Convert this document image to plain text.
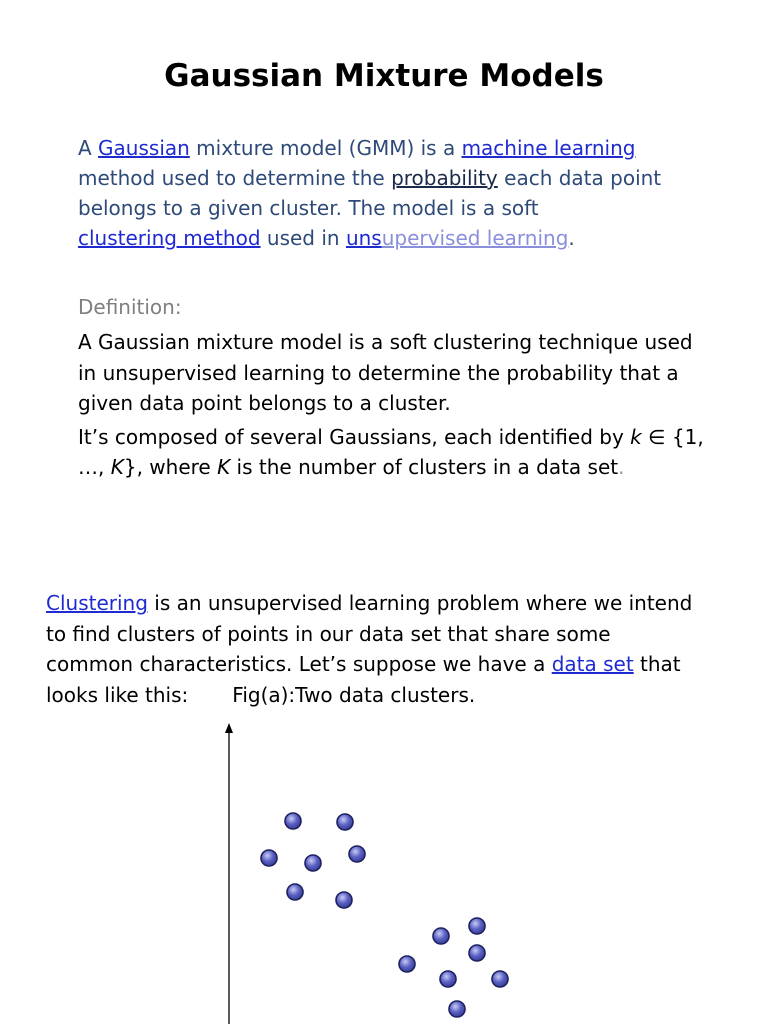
Gaussian Mixture Models
A Gaussian mixture model (GMM) is a machine learning
method used to determine the probability each data point
belongs to a given cluster. The model is a soft
clustering method used in unsupervised learning.
Definition:
A Gaussian mixture model is a soft clustering technique used
in unsupervised learning to determine the probability that a
given data point belongs to a cluster.
It’s composed of several Gaussians, each identified by k ∈ {1,
…, K}, where K is the number of clusters in a data set.
Clustering is an unsupervised learning problem where we intend
to find clusters of points in our data set that share some
common characteristics. Let’s suppose we have a data set that
looks like this: Fig(a):Two data clusters.
